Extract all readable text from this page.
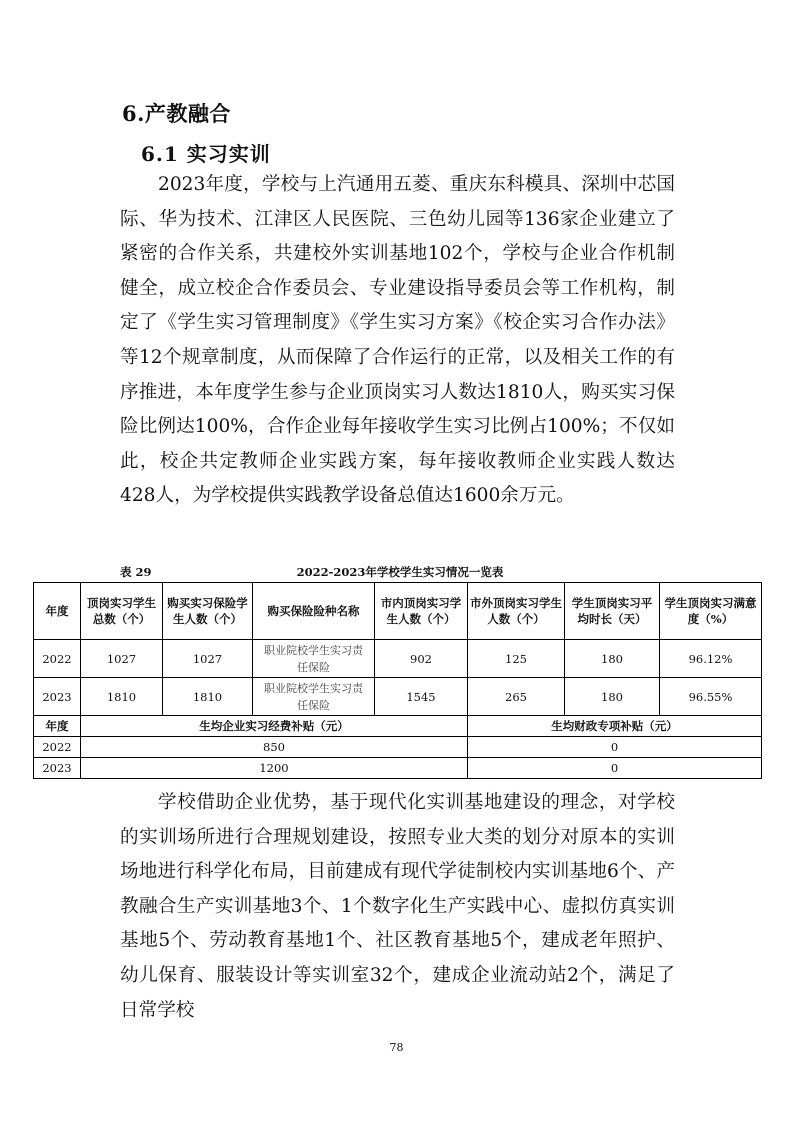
6.产教融合
6.1 实习实训

2023年度，学校与上汽通用五菱、重庆东科模具、深圳中芯国际、华为技术、江津区人民医院、三色幼儿园等136家企业建立了紧密的合作关系，共建校外实训基地102个，学校与企业合作机制健全，成立校企合作委员会、专业建设指导委员会等工作机构，制定了《学生实习管理制度》《学生实习方案》《校企实习合作办法》等12个规章制度，从而保障了合作运行的正常，以及相关工作的有序推进，本年度学生参与企业顶岗实习人数达1810人，购买实习保险比例达100%，合作企业每年接收学生实习比例占100%；不仅如此，校企共定教师企业实践方案，每年接收教师企业实践人数达428人，为学校提供实践教学设备总值达1600余万元。

表 29	2022-2023年学校学生实习情况一览表
年度	顶岗实习学生总数（个）	购买实习保险学生人数（个）	购买保险险种名称	市内顶岗实习学生人数（个）	市外顶岗实习学生人数（个）	学生顶岗实习平均时长（天）	学生顶岗实习满意度（%）
2022	1027	1027	职业院校学生实习责任保险	902	125	180	96.12%
2023	1810	1810	职业院校学生实习责任保险	1545	265	180	96.55%
年度	生均企业实习经费补贴（元）				生均财政专项补贴（元）		
2022	850				0		
2023	1200				0		

学校借助企业优势，基于现代化实训基地建设的理念，对学校的实训场所进行合理规划建设，按照专业大类的划分对原本的实训场地进行科学化布局，目前建成有现代学徒制校内实训基地6个、产教融合生产实训基地3个、1个数字化生产实践中心、虚拟仿真实训基地5个、劳动教育基地1个、社区教育基地5个，建成老年照护、幼儿保育、服装设计等实训室32个，建成企业流动站2个，满足了日常学校

78
